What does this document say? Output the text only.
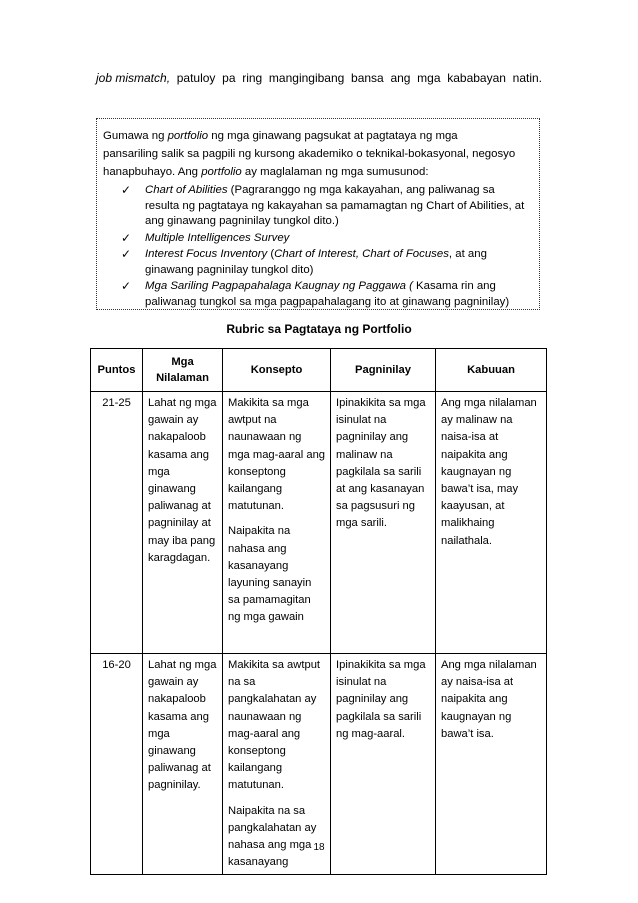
job mismatch, patuloy pa ring mangingibang bansa ang mga kababayan natin.
Gumawa ng portfolio ng mga ginawang pagsukat at pagtataya ng mga
pansariling salik sa pagpili ng kursong akademiko o teknikal-bokasyonal, negosyo
hanapbuhayo. Ang portfolio ay maglalaman ng mga sumusunod:
✓	Chart of Abilities (Pagraranggo ng mga kakayahan, ang paliwanag sa resulta ng pagtataya ng kakayahan sa pamamagtan ng Chart of Abilities, at ang ginawang pagninilay tungkol dito.)
✓	Multiple Intelligences Survey
✓	Interest Focus Inventory (Chart of Interest, Chart of Focuses, at ang ginawang pagninilay tungkol dito)
✓	Mga Sariling Pagpapahalaga Kaugnay ng Paggawa ( Kasama rin ang paliwanag tungkol sa mga pagpapahalagang ito at ginawang pagninilay)
Rubric sa Pagtataya ng Portfolio
Puntos	Mga Nilalaman	Konsepto	Pagninilay	Kabuuan
21-25	Lahat ng mga gawain ay nakapaloob kasama ang mga ginawang paliwanag at pagninilay at may iba pang karagdagan.	Makikita sa mga awtput na naunawaan ng mga mag-aaral ang konseptong kailangang matutunan.

Naipakita na nahasa ang kasanayang layuning sanayin sa pamamagitan ng mga gawain	Ipinakikita sa mga isinulat na pagninilay ang malinaw na pagkilala sa sarili at ang kasanayan sa pagsusuri ng mga sarili.	Ang mga nilalaman ay malinaw na naisa-isa at naipakita ang kaugnayan ng bawa’t isa, may kaayusan, at malikhaing nailathala.
16-20	Lahat ng mga gawain ay nakapaloob kasama ang mga ginawang paliwanag at pagninilay.	Makikita sa awtput na sa pangkalahatan ay naunawaan ng mag-aaral ang konseptong kailangang matutunan.

Naipakita na sa pangkalahatan ay nahasa ang mga kasanayang	Ipinakikita sa mga isinulat na pagninilay ang pagkilala sa sarili ng mag-aaral.	Ang mga nilalaman ay naisa-isa at naipakita ang kaugnayan ng bawa’t isa.
18
